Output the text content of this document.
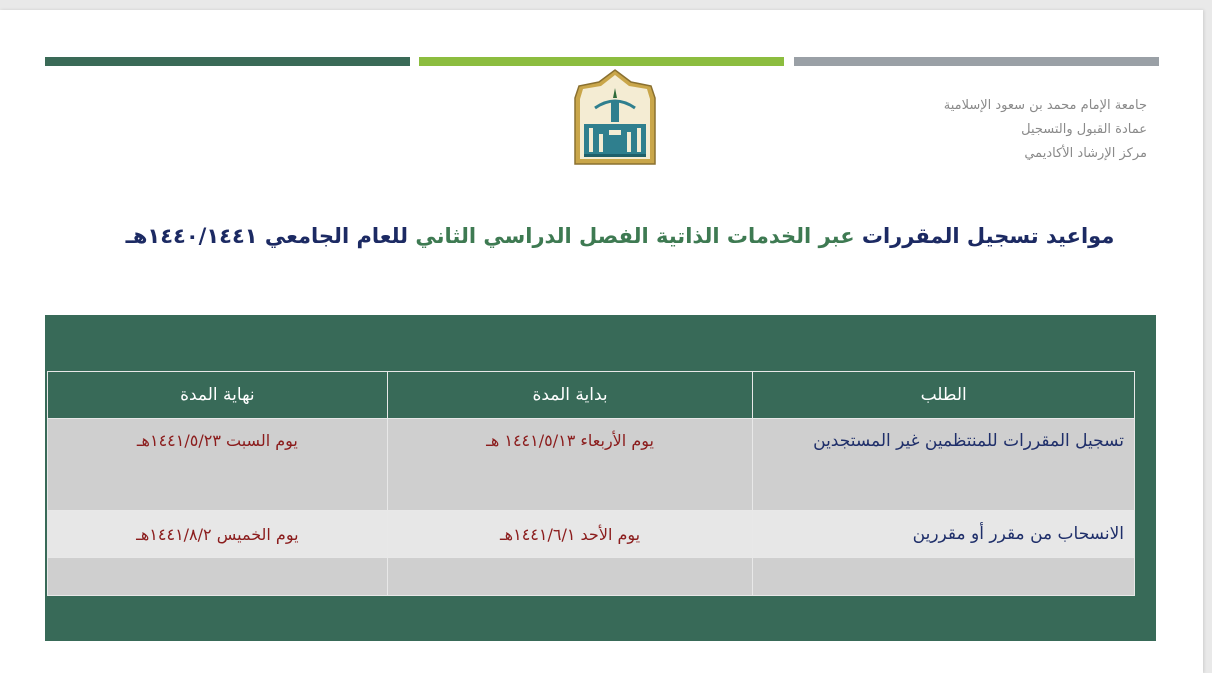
جامعة الإمام محمد بن سعود الإسلامية
عمادة القبول والتسجيل
مركز الإرشاد الأكاديمي
مواعيد تسجيل المقررات عبر الخدمات الذاتية الفصل الدراسي الثاني للعام الجامعي ١٤٤٠/١٤٤١هـ
الطلب	بداية المدة	نهاية المدة
تسجيل المقررات للمنتظمين غير المستجدين	يوم الأربعاء ١٤٤١/٥/١٣ هـ	يوم السبت ١٤٤١/٥/٢٣هـ
الانسحاب من مقرر أو مقررين	يوم الأحد ١٤٤١/٦/١هـ	يوم الخميس ١٤٤١/٨/٢هـ
